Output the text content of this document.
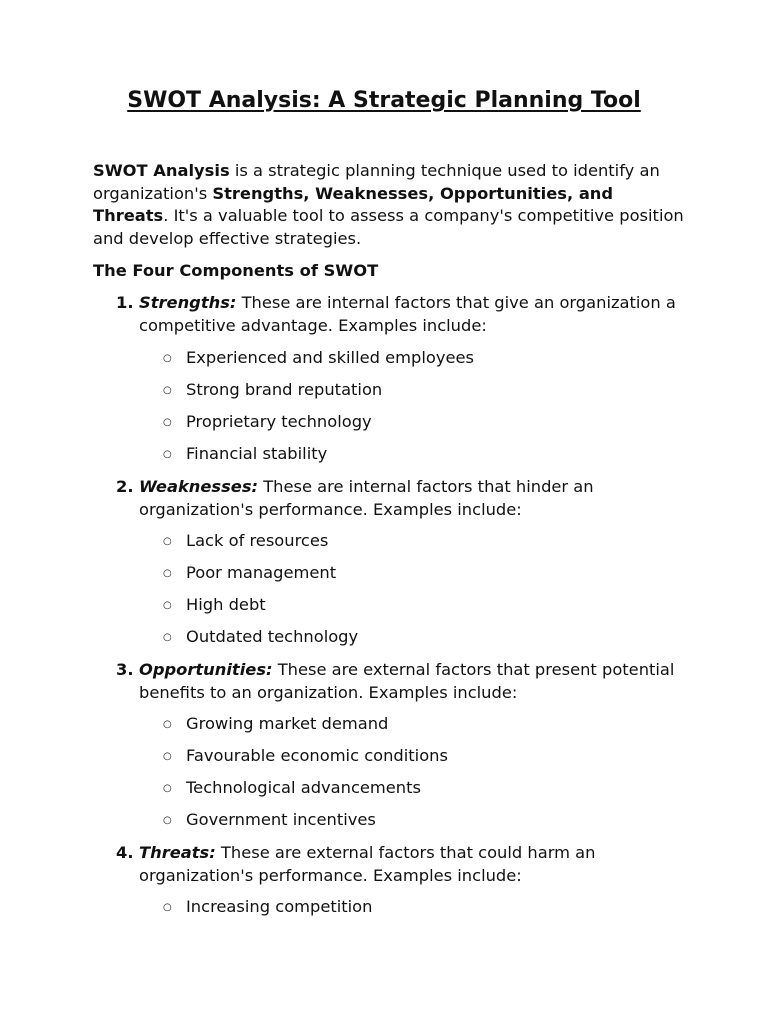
SWOT Analysis: A Strategic Planning Tool

SWOT Analysis is a strategic planning technique used to identify an organization's Strengths, Weaknesses, Opportunities, and Threats. It's a valuable tool to assess a company's competitive position and develop effective strategies.

The Four Components of SWOT

1. Strengths: These are internal factors that give an organization a competitive advantage. Examples include:

○ Experienced and skilled employees
○ Strong brand reputation
○ Proprietary technology
○ Financial stability
2. Weaknesses: These are internal factors that hinder an organization's performance. Examples include:

○ Lack of resources
○ Poor management
○ High debt
○ Outdated technology
3. Opportunities: These are external factors that present potential benefits to an organization. Examples include:

○ Growing market demand
○ Favourable economic conditions
○ Technological advancements
○ Government incentives
4. Threats: These are external factors that could harm an organization's performance. Examples include:

○ Increasing competition
